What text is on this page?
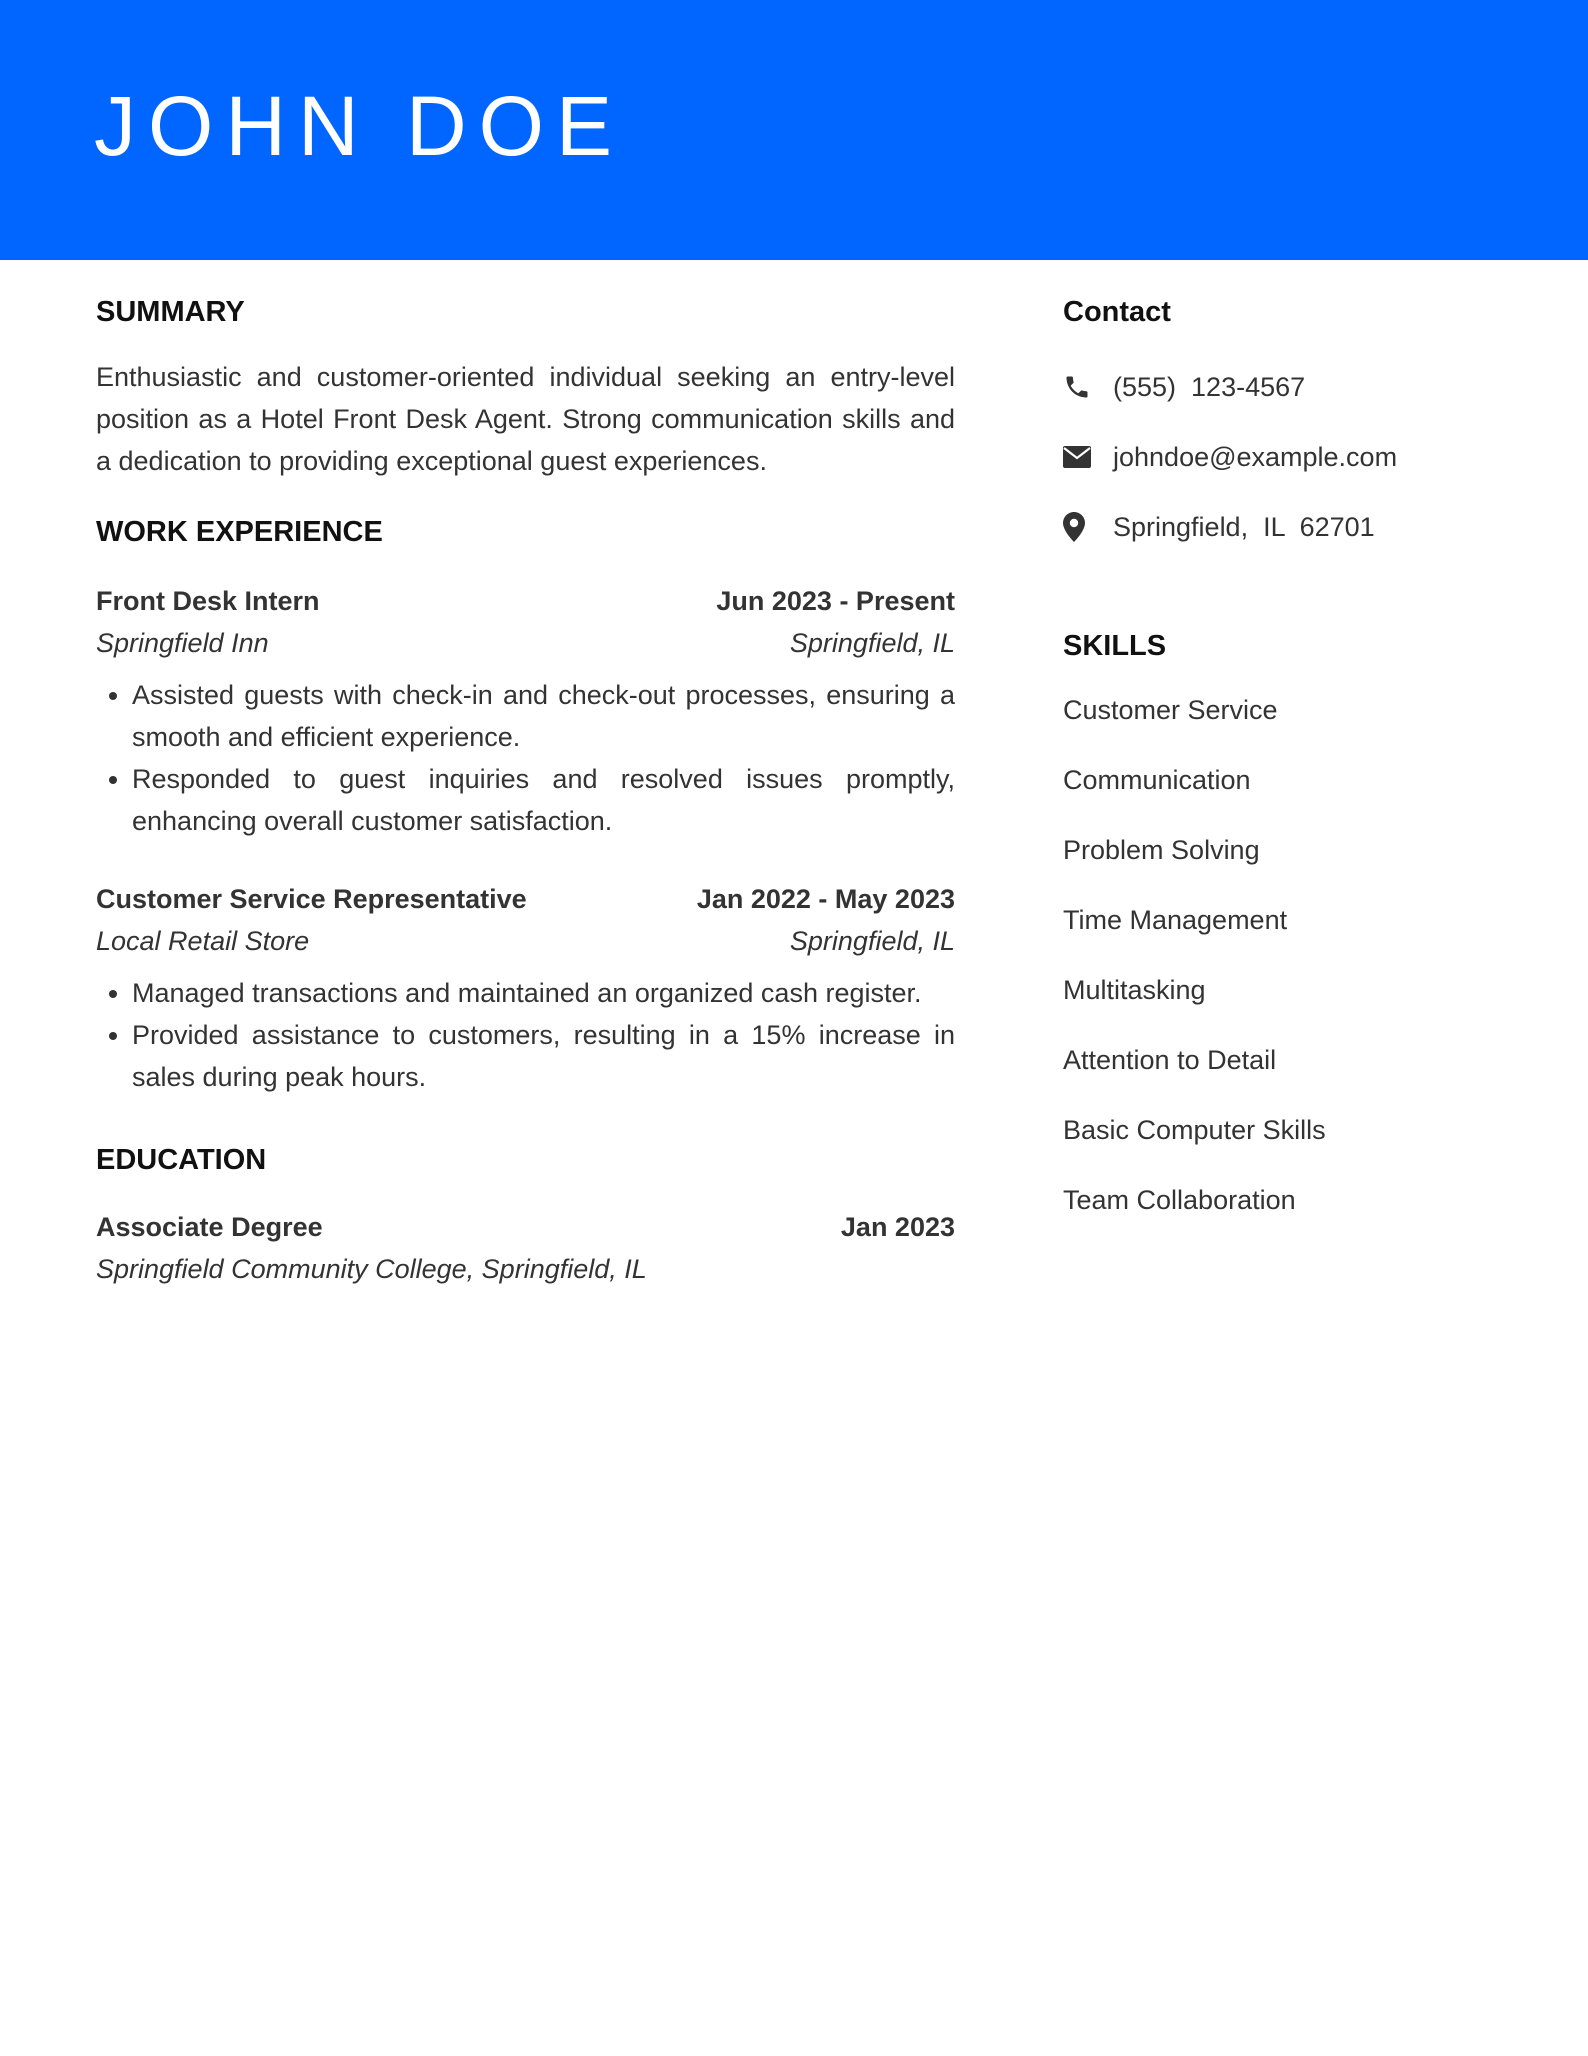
JOHN DOE
SUMMARY

Enthusiastic and customer-oriented individual seeking an entry-level position as a Hotel Front Desk Agent. Strong communication skills and a dedication to providing exceptional guest experiences.

WORK EXPERIENCE
Front Desk Intern	Jun 2023 - Present
Springfield Inn	Springfield, IL
• Assisted guests with check-in and check-out processes, ensuring a smooth and efficient experience.
• Responded to guest inquiries and resolved issues promptly, enhancing overall customer satisfaction.
Customer Service Representative	Jan 2022 - May 2023
Local Retail Store	Springfield, IL
• Managed transactions and maintained an organized cash register.
• Provided assistance to customers, resulting in a 15% increase in sales during peak hours.
EDUCATION
Associate Degree	Jan 2023
Springfield Community College, Springfield, IL
Contact
(555)  123-4567
johndoe@example.com
Springfield,  IL  62701
SKILLS
Customer Service
Communication
Problem Solving
Time Management
Multitasking
Attention to Detail
Basic Computer Skills
Team Collaboration
